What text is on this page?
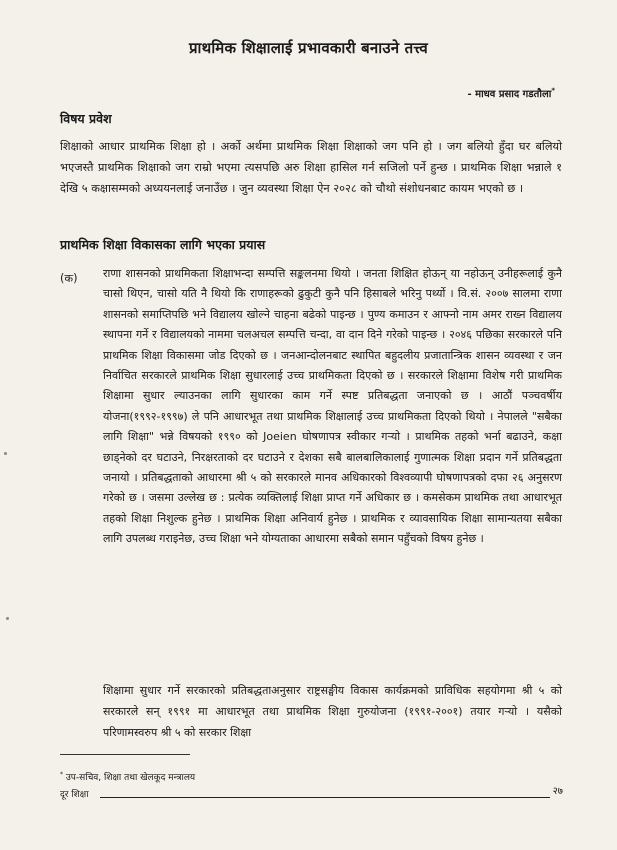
प्राथमिक शिक्षालाई प्रभावकारी बनाउने तत्त्व
- माधव प्रसाद गडतौला*
विषय प्रवेश
शिक्षाको आधार प्राथमिक शिक्षा हो । अर्को अर्थमा प्राथमिक शिक्षा शिक्षाको जग पनि हो । जग बलियो हुँदा घर बलियो भएजस्तै प्राथमिक शिक्षाको जग राम्रो भएमा त्यसपछि अरु शिक्षा हासिल गर्न सजिलो पर्ने हुन्छ । प्राथमिक शिक्षा भन्नाले १ देखि ५ कक्षासम्मको अध्ययनलाई जनाउँछ । जुन व्यवस्था शिक्षा ऐन २०२८ को चौथो संशोधनबाट कायम भएको छ ।
प्राथमिक शिक्षा विकासका लागि भएका प्रयास
(क) राणा शासनको प्राथमिकता शिक्षाभन्दा सम्पत्ति सङ्कलनमा थियो । जनता शिक्षित होऊन् या नहोऊन् उनीहरूलाई कुनै चासो थिएन, चासो यति नै थियो कि राणाहरूको ढुकुटी कुनै पनि हिसाबले भरिनु पर्थ्यो । वि.सं. २००७ सालमा राणा शासनको समाप्तिपछि भने विद्यालय खोल्ने चाहना बढेको पाइन्छ । पुण्य कमाउन र आफ्नो नाम अमर राख्न विद्यालय स्थापना गर्ने र विद्यालयको नाममा चलअचल सम्पत्ति चन्दा, वा दान दिने गरेको पाइन्छ । २०४६ पछिका सरकारले पनि प्राथमिक शिक्षा विकासमा जोड दिएको छ । जनआन्दोलनबाट स्थापित बहुदलीय प्रजातान्त्रिक शासन व्यवस्था र जन निर्वाचित सरकारले प्राथमिक शिक्षा सुधारलाई उच्च प्राथमिकता दिएको छ । सरकारले शिक्षामा विशेष गरी प्राथमिक शिक्षामा सुधार ल्याउनका लागि सुधारका काम गर्ने स्पष्ट प्रतिबद्धता जनाएको छ । आठौं पञ्चवर्षीय योजना(१९९२-१९९७) ले पनि आधारभूत तथा प्राथमिक शिक्षालाई उच्च प्राथमिकता दिएको थियो । नेपालले "सबैका लागि शिक्षा" भन्ने विषयको १९९० को Joeien घोषणापत्र स्वीकार गऱ्यो । प्राथमिक तहको भर्ना बढाउने, कक्षा छाड्नेको दर घटाउने, निरक्षरताको दर घटाउने र देशका सबै बालबालिकालाई गुणात्मक शिक्षा प्रदान गर्ने प्रतिबद्धता जनायो । प्रतिबद्धताको आधारमा श्री ५ को सरकारले मानव अधिकारको विश्वव्यापी घोषणापत्रको दफा २६ अनुसरण गरेको छ । जसमा उल्लेख छ : प्रत्येक व्यक्तिलाई शिक्षा प्राप्त गर्ने अधिकार छ । कमसेकम प्राथमिक तथा आधारभूत तहको शिक्षा निशुल्क हुनेछ । प्राथमिक शिक्षा अनिवार्य हुनेछ । प्राथमिक र व्यावसायिक शिक्षा सामान्यतया सबैका लागि उपलब्ध गराइनेछ, उच्च शिक्षा भने योग्यताका आधारमा सबैको समान पहुँचको विषय हुनेछ ।
शिक्षामा सुधार गर्ने सरकारको प्रतिबद्धताअनुसार राष्ट्रसङ्घीय विकास कार्यक्रमको प्राविधिक सहयोगमा श्री ५ को सरकारले सन् १९९१ मा आधारभूत तथा प्राथमिक शिक्षा गुरुयोजना (१९९१-२००१) तयार गऱ्यो । यसैको परिणामस्वरुप श्री ५ को सरकार शिक्षा
* उप-सचिव, शिक्षा तथा खेलकूद मन्त्रालय
दूर शिक्षा	२७
